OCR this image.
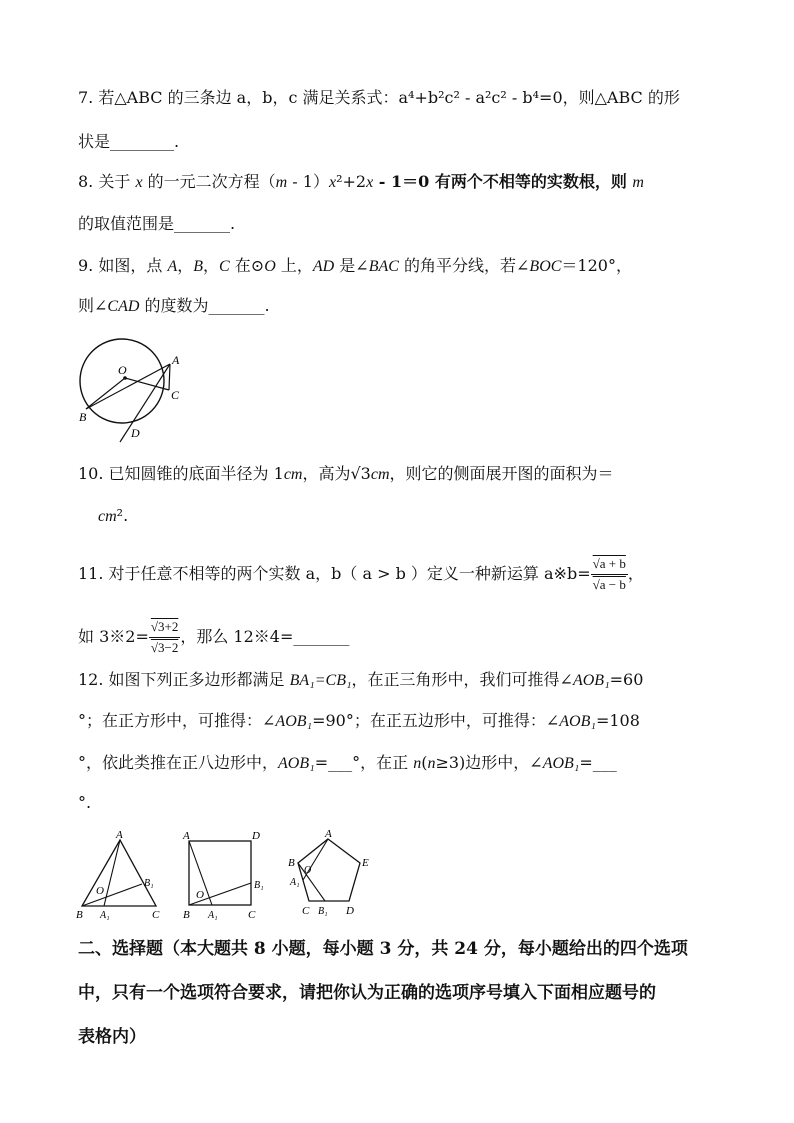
7. 若△ABC 的三条边 a，b，c 满足关系式：a⁴+b²c² - a²c² - b⁴=0，则△ABC 的形
状是________.
8. 关于 x 的一元二次方程（m - 1）x²+2x - 1＝0 有两个不相等的实数根，则 m
的取值范围是_______.
9. 如图，点 A，B，C 在⊙O 上，AD 是∠BAC 的角平分线，若∠BOC＝120°，
则∠CAD 的度数为_______.
A
O
C
B
D
10. 已知圆锥的底面半径为 1cm，高为√3cm，则它的侧面展开图的面积为＝
cm².
11. 对于任意不相等的两个实数 a，b（ a > b ）定义一种新运算 a※b= $\frac{√a + b}{√a - b}$ ，
如 3※2= $\frac{√3+2}{√3-2}$ ，那么 12※4=_______
12. 如图下列正多边形都满足 BA₁=CB₁，在正三角形中，我们可推得∠AOB₁=60
°；在正方形中，可推得：∠AOB₁=90°；在正五边形中，可推得：∠AOB₁=108
°，依此类推在正八边形中，AOB₁=___°，在正 n(n≥3)边形中，∠AOB₁=___
°.
A
O
B₁
B A₁	C
A	D
O
B₁
B A₁	C
A
B
O
E
A₁
C B₁ D
二、选择题（本大题共 8 小题，每小题 3 分，共 24 分，每小题给出的四个选项
中，只有一个选项符合要求，请把你认为正确的选项序号填入下面相应题号的
表格内）
